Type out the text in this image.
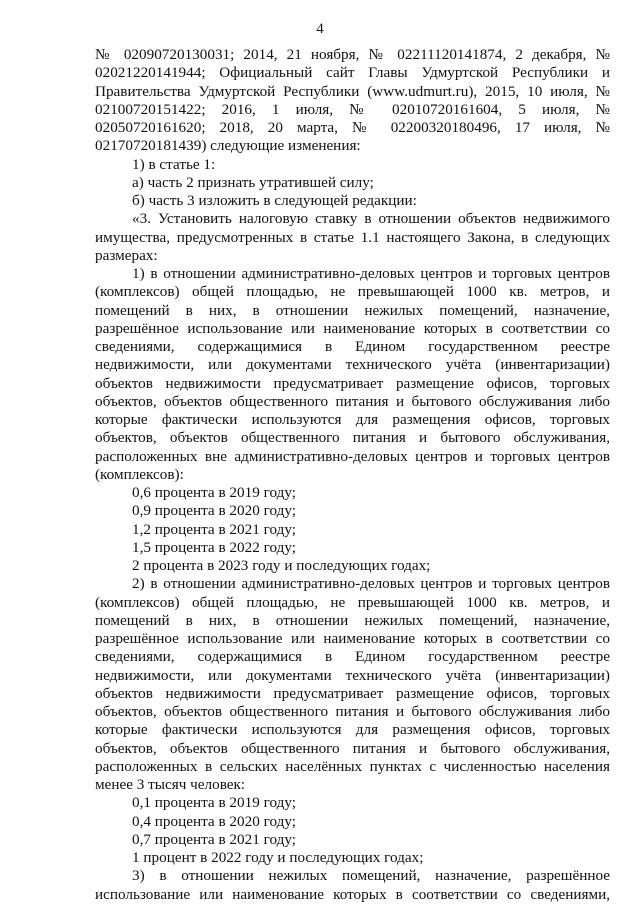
4

№ 02090720130031; 2014, 21 ноября, № 02211120141874, 2 декабря, № 02021220141944; Официальный сайт Главы Удмуртской Республики и Правительства Удмуртской Республики (www.udmurt.ru), 2015, 10 июля, № 02100720151422; 2016, 1 июля, № 02010720161604, 5 июля, № 02050720161620; 2018, 20 марта, № 02200320180496, 17 июля, № 02170720181439) следующие изменения:

1) в статье 1:

а) часть 2 признать утратившей силу;

б) часть 3 изложить в следующей редакции:

«3. Установить налоговую ставку в отношении объектов недвижимого имущества, предусмотренных в статье 1.1 настоящего Закона, в следующих размерах:

1) в отношении административно-деловых центров и торговых центров (комплексов) общей площадью, не превышающей 1000 кв. метров, и помещений в них, в отношении нежилых помещений, назначение, разрешённое использование или наименование которых в соответствии со сведениями, содержащимися в Едином государственном реестре недвижимости, или документами технического учёта (инвентаризации) объектов недвижимости предусматривает размещение офисов, торговых объектов, объектов общественного питания и бытового обслуживания либо которые фактически используются для размещения офисов, торговых объектов, объектов общественного питания и бытового обслуживания, расположенных вне административно-деловых центров и торговых центров (комплексов):

0,6 процента в 2019 году;

0,9 процента в 2020 году;

1,2 процента в 2021 году;

1,5 процента в 2022 году;

2 процента в 2023 году и последующих годах;

2) в отношении административно-деловых центров и торговых центров (комплексов) общей площадью, не превышающей 1000 кв. метров, и помещений в них, в отношении нежилых помещений, назначение, разрешённое использование или наименование которых в соответствии со сведениями, содержащимися в Едином государственном реестре недвижимости, или документами технического учёта (инвентаризации) объектов недвижимости предусматривает размещение офисов, торговых объектов, объектов общественного питания и бытового обслуживания либо которые фактически используются для размещения офисов, торговых объектов, объектов общественного питания и бытового обслуживания, расположенных в сельских населённых пунктах с численностью населения менее 3 тысяч человек:

0,1 процента в 2019 году;

0,4 процента в 2020 году;

0,7 процента в 2021 году;

1 процент в 2022 году и последующих годах;

3) в отношении нежилых помещений, назначение, разрешённое использование или наименование которых в соответствии со сведениями,
